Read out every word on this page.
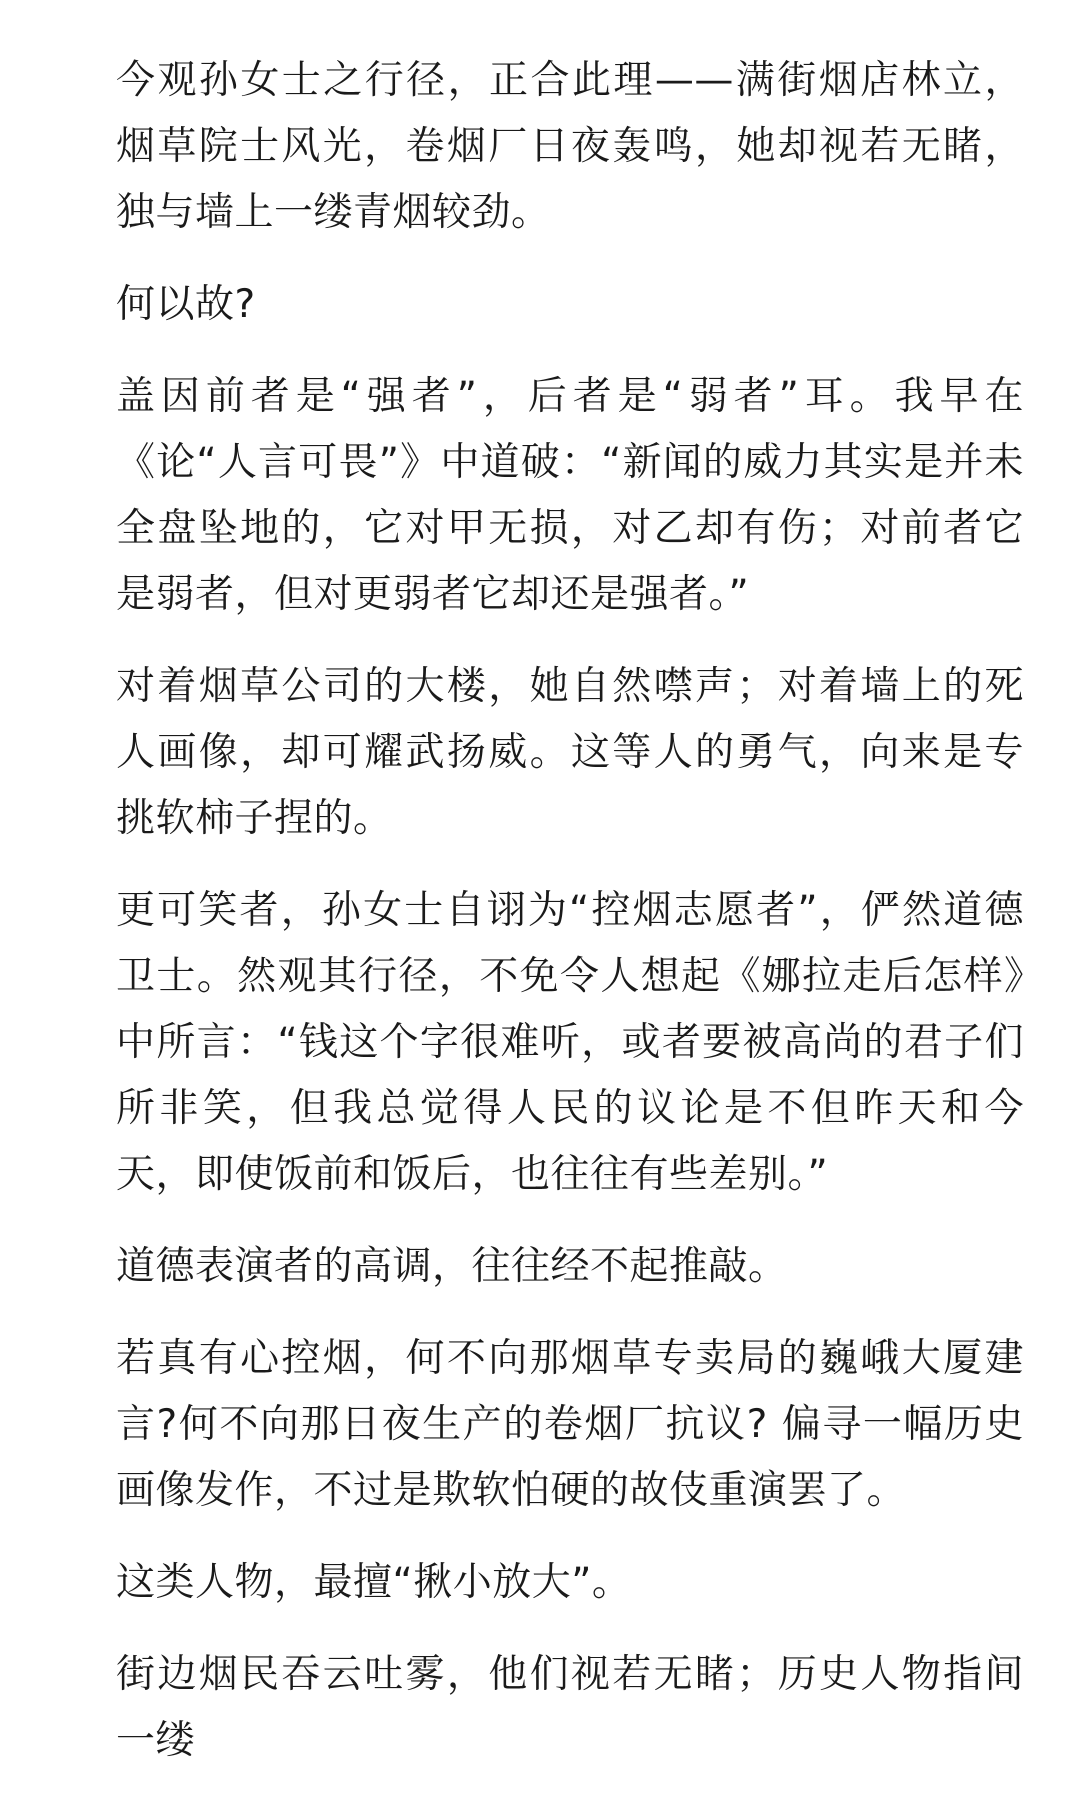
今观孙女士之行径，正合此理——满街烟店林立，烟草院士风光，卷烟厂日夜轰鸣，她却视若无睹，独与墙上一缕青烟较劲。

何以故?

盖因前者是“强者”，后者是“弱者”耳。我早在《论“人言可畏”》中道破：“新闻的威力其实是并未全盘坠地的，它对甲无损，对乙却有伤；对前者它是弱者，但对更弱者它却还是强者。”

对着烟草公司的大楼，她自然噤声；对着墙上的死人画像，却可耀武扬威。这等人的勇气，向来是专挑软柿子捏的。

更可笑者，孙女士自诩为“控烟志愿者”，俨然道德卫士。然观其行径，不免令人想起《娜拉走后怎样》中所言：“钱这个字很难听，或者要被高尚的君子们所非笑，但我总觉得人民的议论是不但昨天和今天，即使饭前和饭后，也往往有些差别。”

道德表演者的高调，往往经不起推敲。

若真有心控烟，何不向那烟草专卖局的巍峨大厦建言?何不向那日夜生产的卷烟厂抗议? 偏寻一幅历史画像发作，不过是欺软怕硬的故伎重演罢了。

这类人物，最擅“揪小放大”。

街边烟民吞云吐雾，他们视若无睹；历史人物指间一缕
